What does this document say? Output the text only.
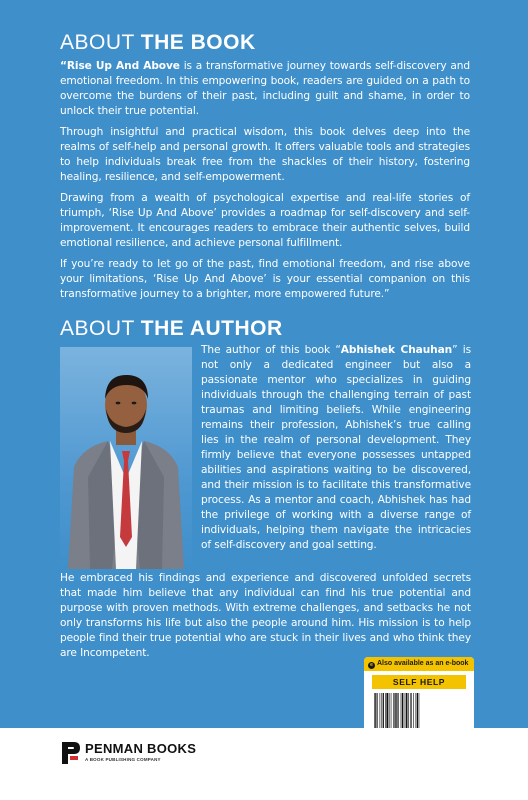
ABOUT THE BOOK

“Rise Up And Above is a transformative journey towards self-discovery and emotional freedom. In this empowering book, readers are guided on a path to overcome the burdens of their past, including guilt and shame, in order to unlock their true potential.

Through insightful and practical wisdom, this book delves deep into the realms of self-help and personal growth. It offers valuable tools and strategies to help individuals break free from the shackles of their history, fostering healing, resilience, and self-empowerment.

Drawing from a wealth of psychological expertise and real-life stories of triumph, ‘Rise Up And Above’ provides a roadmap for self-discovery and self-improvement. It encourages readers to embrace their authentic selves, build emotional resilience, and achieve personal fulfillment.

If you’re ready to let go of the past, find emotional freedom, and rise above your limitations, ‘Rise Up And Above’ is your essential companion on this transformative journey to a brighter, more empowered future.”

ABOUT THE AUTHOR

The author of this book “Abhishek Chauhan” is not only a dedicated engineer but also a passionate mentor who specializes in guiding individuals through the challenging terrain of past traumas and limiting beliefs. While engineering remains their profession, Abhishek’s true calling lies in the realm of personal development. They firmly believe that everyone possesses untapped abilities and aspirations waiting to be discovered, and their mission is to facilitate this transformative process. As a mentor and coach, Abhishek has had the privilege of working with a diverse range of individuals, helping them navigate the intricacies of self-discovery and goal setting.

He embraced his findings and experience and discovered unfolded secrets that made him believe that any individual can find his true potential and purpose with proven methods. With extreme challenges, and setbacks he not only transforms his life but also the people around him. His mission is to help people find their true potential who are stuck in their lives and who think they are Incompetent.

e Also available as an e-book
SELF HELP
PENMAN BOOKS
A BOOK PUBLISHING COMPANY
